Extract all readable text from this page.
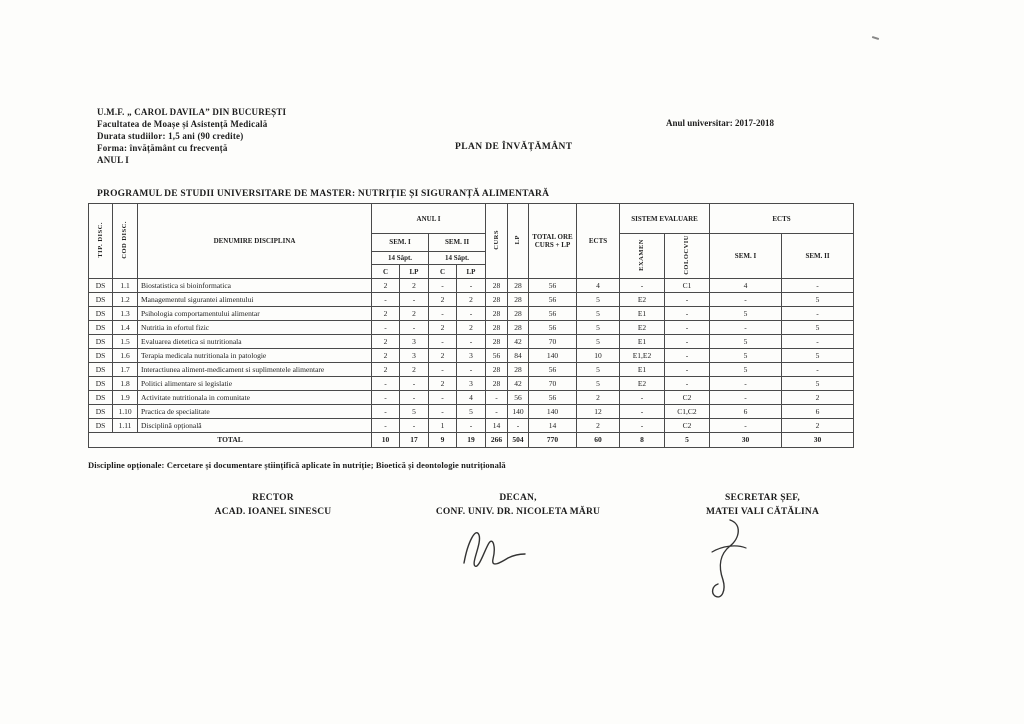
U.M.F. „ CAROL DAVILA” DIN BUCUREȘTI
Facultatea de Moașe și Asistență Medicală
Durata studiilor: 1,5 ani (90 credite)
Forma: învățământ cu frecvență
ANUL I
Anul universitar: 2017-2018
PLAN DE ÎNVĂȚĂMÂNT
PROGRAMUL DE STUDII UNIVERSITARE DE MASTER: NUTRIȚIE ȘI SIGURANȚĂ ALIMENTARĂ
TIP. DISC.	COD DISC.	DENUMIRE DISCIPLINA	ANUL I				CURS	LP	TOTAL ORE CURS + LP	ECTS	SISTEM EVALUARE		ECTS	
			SEM. I		SEM. II						EXAMEN	COLOCVIU	SEM. I	SEM. II
			14 Săpt.		14 Săpt.									
			C	LP	C	LP								
DS	1.1	Biostatistica si bioinformatica	2	2	-	-	28	28	56	4	-	C1	4	-
DS	1.2	Managementul sigurantei alimentului	-	-	2	2	28	28	56	5	E2	-	-	5
DS	1.3	Psihologia comportamentului alimentar	2	2	-	-	28	28	56	5	E1	-	5	-
DS	1.4	Nutritia in efortul fizic	-	-	2	2	28	28	56	5	E2	-	-	5
DS	1.5	Evaluarea dietetica si nutritionala	2	3	-	-	28	42	70	5	E1	-	5	-
DS	1.6	Terapia medicala nutritionala in patologie	2	3	2	3	56	84	140	10	E1,E2	-	5	5
DS	1.7	Interactiunea aliment-medicament si suplimentele alimentare	2	2	-	-	28	28	56	5	E1	-	5	-
DS	1.8	Politici alimentare si legislatie	-	-	2	3	28	42	70	5	E2	-	-	5
DS	1.9	Activitate nutritionala in comunitate	-	-	-	4	-	56	56	2	-	C2	-	2
DS	1.10	Practica de specialitate	-	5	-	5	-	140	140	12	-	C1,C2	6	6
DS	1.11	Disciplină opțională	-	-	1	-	14	-	14	2	-	C2	-	2
TOTAL			10	17	9	19	266	504	770	60	8	5	30	30
Discipline opționale: Cercetare și documentare științifică aplicate în nutriție; Bioetică și deontologie nutrițională
RECTOR
ACAD. IOANEL SINESCU
DECAN,
CONF. UNIV. DR. NICOLETA MĂRU
SECRETAR ȘEF,
MATEI VALI CĂTĂLINA
